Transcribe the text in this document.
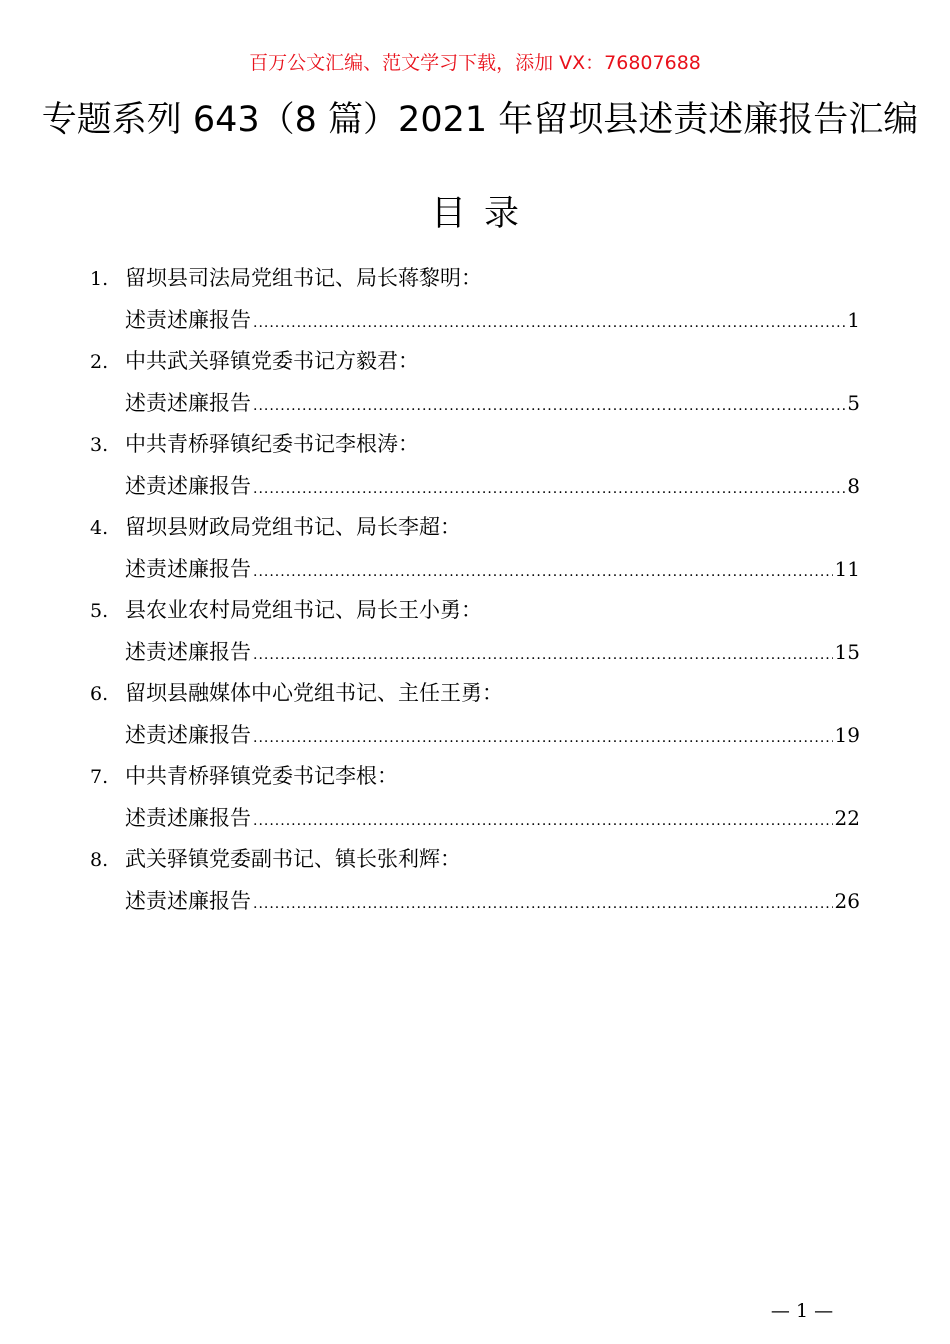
百万公文汇编、范文学习下载，添加 VX：76807688
专题系列 643（8 篇）2021 年留坝县述责述廉报告汇编
目录
1. 留坝县司法局党组书记、局长蒋黎明：
述责述廉报告 .....	1
2. 中共武关驿镇党委书记方毅君：
述责述廉报告 .....	5
3. 中共青桥驿镇纪委书记李根涛：
述责述廉报告 .....	8
4. 留坝县财政局党组书记、局长李超：
述责述廉报告 .....	11
5. 县农业农村局党组书记、局长王小勇：
述责述廉报告 .....	15
6. 留坝县融媒体中心党组书记、主任王勇：
述责述廉报告 .....	19
7. 中共青桥驿镇党委书记李根：
述责述廉报告 .....	22
8. 武关驿镇党委副书记、镇长张利辉：
述责述廉报告 .....	26
— 1 —
